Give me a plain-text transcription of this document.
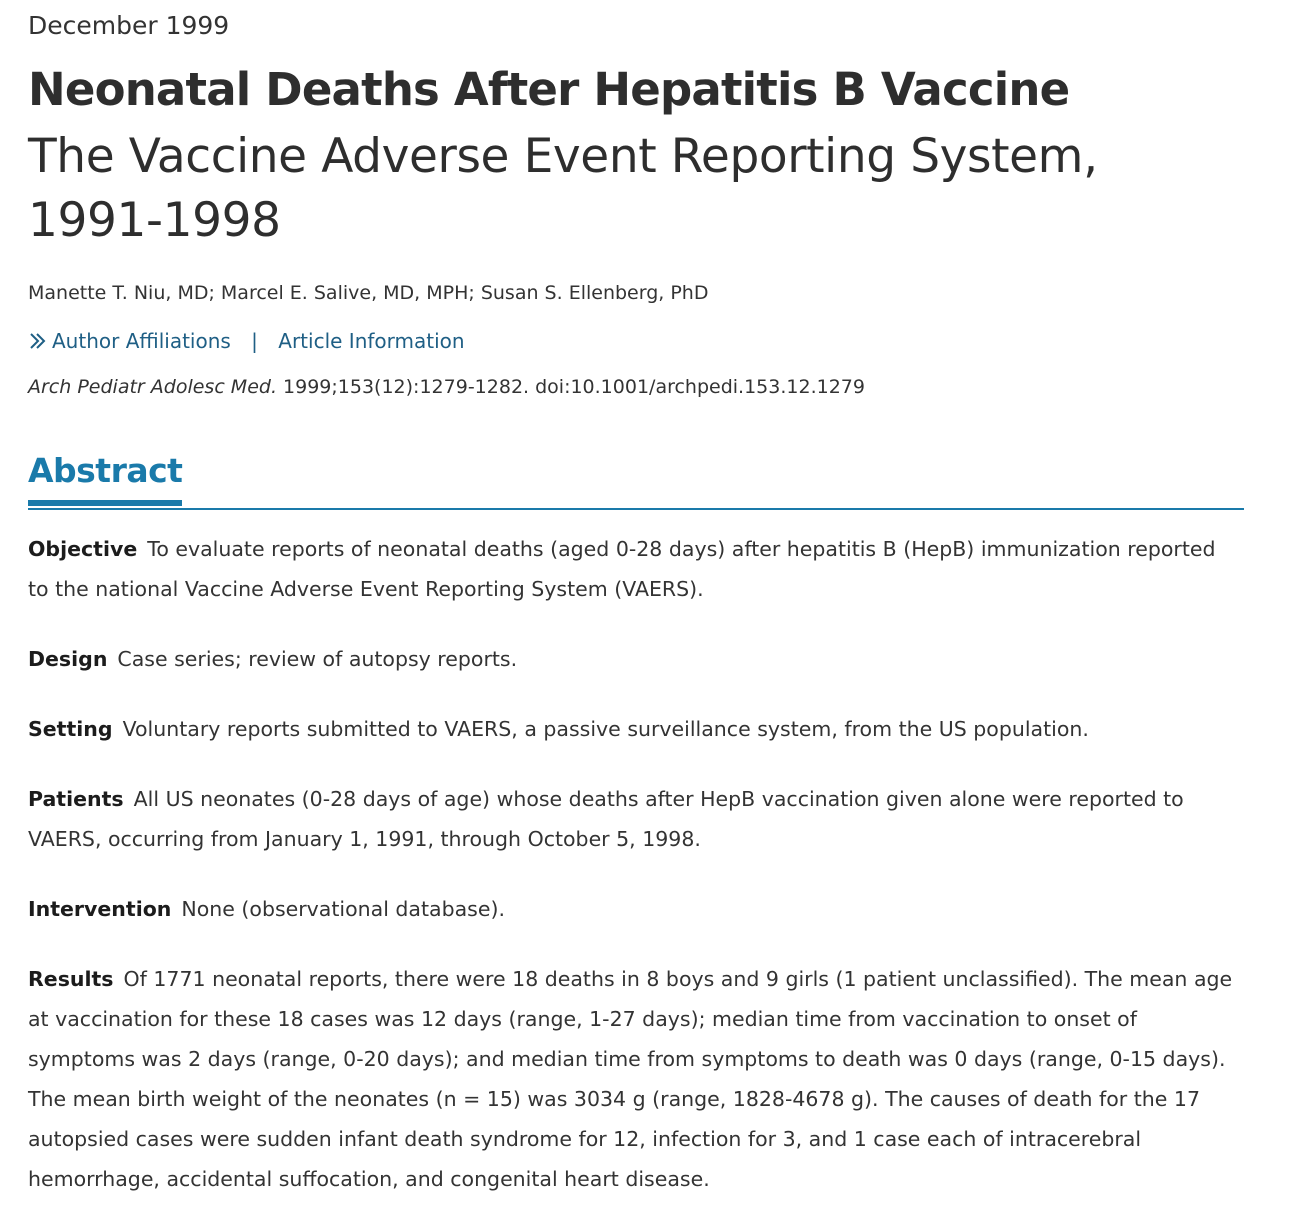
December 1999
Neonatal Deaths After Hepatitis B Vaccine
The Vaccine Adverse Event Reporting System, 1991-1998
Manette T. Niu, MD; Marcel E. Salive, MD, MPH; Susan S. Ellenberg, PhD
Author Affiliations | Article Information
Arch Pediatr Adolesc Med. 1999;153(12):1279-1282. doi:10.1001/archpedi.153.12.1279
Abstract

Objective To evaluate reports of neonatal deaths (aged 0-28 days) after hepatitis B (HepB) immunization reported to the national Vaccine Adverse Event Reporting System (VAERS).

Design Case series; review of autopsy reports.

Setting Voluntary reports submitted to VAERS, a passive surveillance system, from the US population.

Patients All US neonates (0-28 days of age) whose deaths after HepB vaccination given alone were reported to VAERS, occurring from January 1, 1991, through October 5, 1998.

Intervention None (observational database).

Results Of 1771 neonatal reports, there were 18 deaths in 8 boys and 9 girls (1 patient unclassified). The mean age at vaccination for these 18 cases was 12 days (range, 1-27 days); median time from vaccination to onset of symptoms was 2 days (range, 0-20 days); and median time from symptoms to death was 0 days (range, 0-15 days). The mean birth weight of the neonates (n = 15) was 3034 g (range, 1828-4678 g). The causes of death for the 17 autopsied cases were sudden infant death syndrome for 12, infection for 3, and 1 case each of intracerebral hemorrhage, accidental suffocation, and congenital heart disease.
